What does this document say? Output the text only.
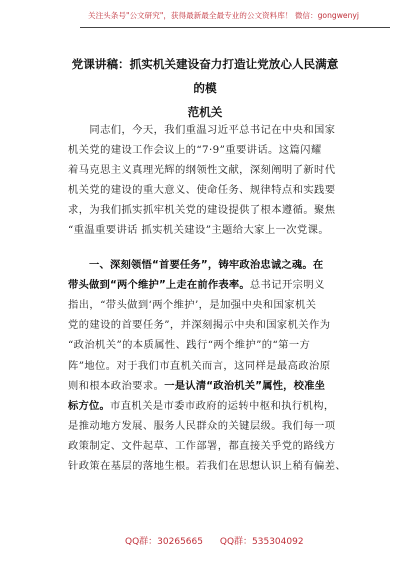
关注头条号"公文研究"，获得最新最全最专业的公文资料库！ 微信：gongwenyj
党课讲稿：抓实机关建设奋力打造让党放心人民满意的模
范机关

　　同志们，今天，我们重温习近平总书记在中央和国家

机关党的建设工作会议上的“7·9”重要讲话。这篇闪耀

着马克思主义真理光辉的纲领性文献，深刻阐明了新时代

机关党的建设的重大意义、使命任务、规律特点和实践要

求，为我们抓实抓牢机关党的建设提供了根本遵循。聚焦

“重温重要讲话 抓实机关建设”主题给大家上一次党课。

　　一、深刻领悟“首要任务”，铸牢政治忠诚之魂。在

带头做到“两个维护”上走在前作表率。总书记开宗明义

指出，“带头做到‘两个维护’，是加强中央和国家机关

党的建设的首要任务”，并深刻揭示中央和国家机关作为

“政治机关”的本质属性、践行“两个维护”的“第一方

阵”地位。对于我们市直机关而言，这同样是最高政治原

则和根本政治要求。一是认清“政治机关”属性，校准坐

标方位。市直机关是市委市政府的运转中枢和执行机构，

是推动地方发展、服务人民群众的关键层级。我们每一项

政策制定、文件起草、工作部署，都直接关乎党的路线方

针政策在基层的落地生根。若我们在思想认识上稍有偏差、

QQ群：30265665 QQ群：535304092
